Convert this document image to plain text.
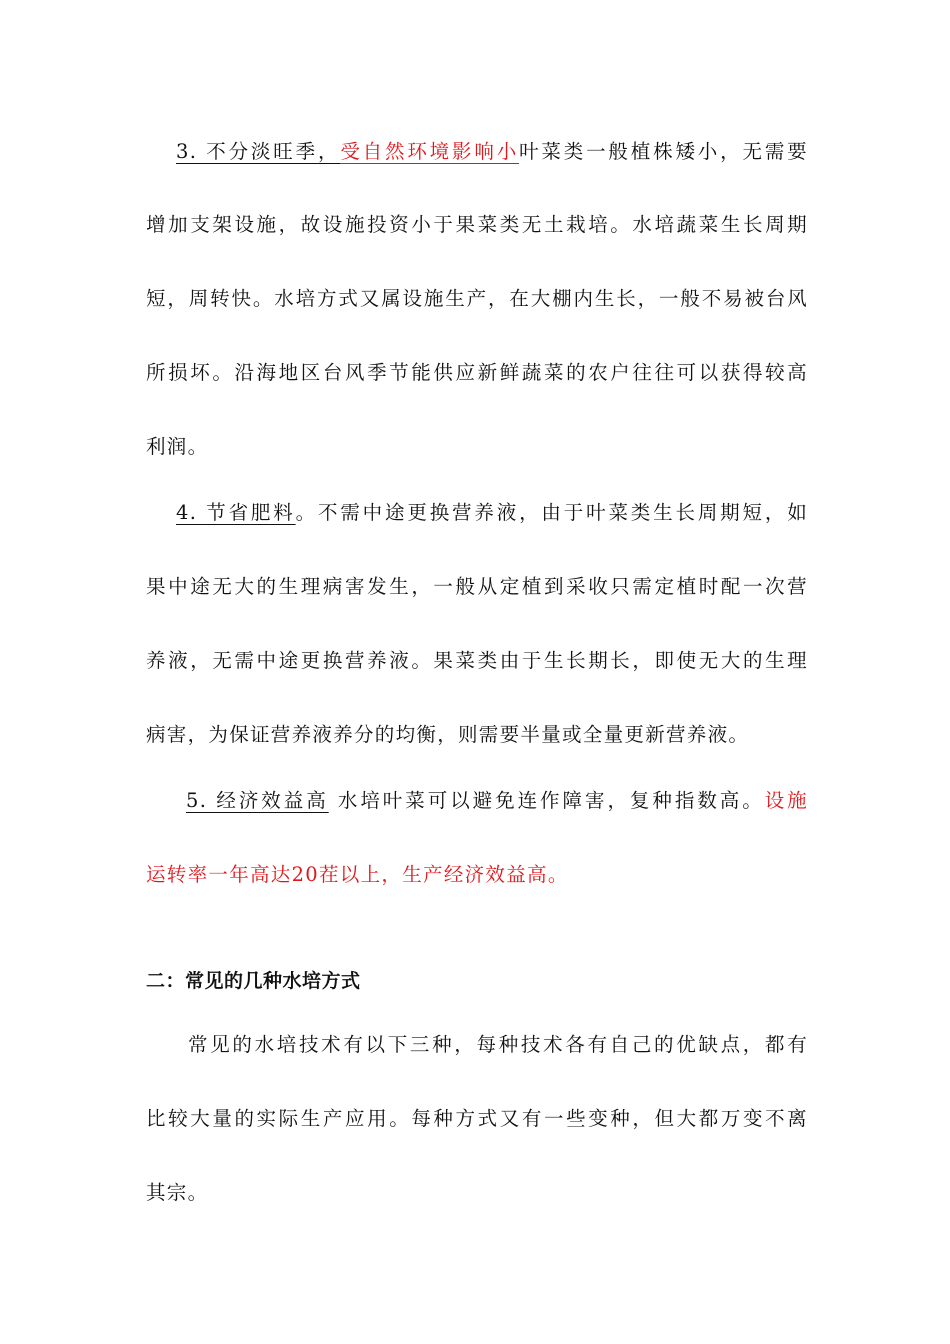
3. 不分淡旺季，受自然环境影响小叶菜类一般植株矮小，无需要
增加支架设施，故设施投资小于果菜类无土栽培。水培蔬菜生长周期
短，周转快。水培方式又属设施生产，在大棚内生长，一般不易被台风
所损坏。沿海地区台风季节能供应新鲜蔬菜的农户往往可以获得较高
利润。
4. 节省肥料。不需中途更换营养液，由于叶菜类生长周期短，如
果中途无大的生理病害发生，一般从定植到采收只需定植时配一次营
养液，无需中途更换营养液。果菜类由于生长期长，即使无大的生理
病害，为保证营养液养分的均衡，则需要半量或全量更新营养液。
5. 经济效益高 水培叶菜可以避免连作障害，复种指数高。设施
运转率一年高达20茬以上，生产经济效益高。
二：常见的几种水培方式
常见的水培技术有以下三种，每种技术各有自己的优缺点，都有
比较大量的实际生产应用。每种方式又有一些变种，但大都万变不离
其宗。
